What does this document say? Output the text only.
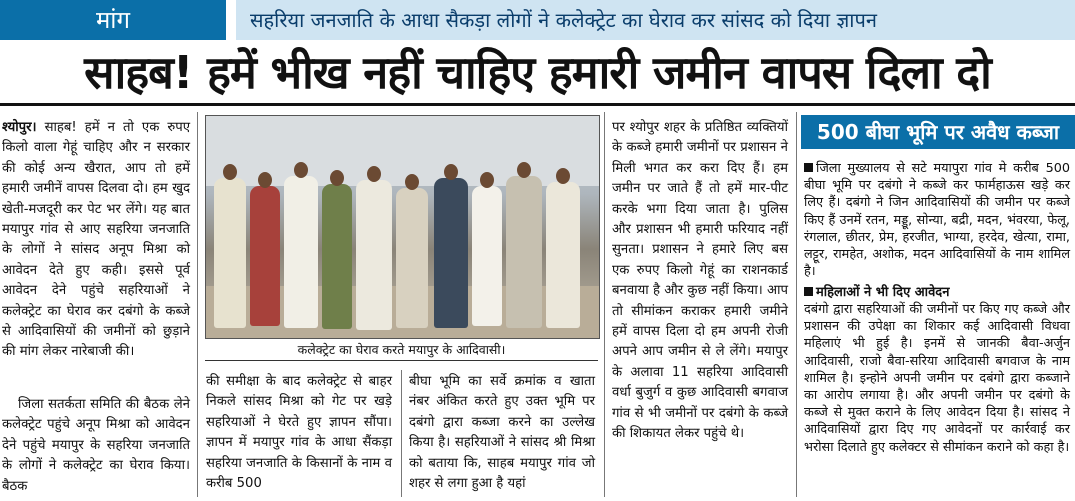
मांग	सहरिया जनजाति के आधा सैकड़ा लोगों ने कलेक्ट्रेट का घेराव कर सांसद को दिया ज्ञापन
साहब! हमें भीख नहीं चाहिए हमारी जमीन वापस दिला दो

श्योपुर। साहब! हमें न तो एक रुपए किलो वाला गेहूं चाहिए और न सरकार की कोई अन्य खैरात, आप तो हमें हमारी जमीनें वापस दिलवा दो। हम खुद खेती-मजदूरी कर पेट भर लेंगे। यह बात मयापुर गांव से आए सहरिया जनजाति के लोगों ने सांसद अनूप मिश्रा को आवेदन देते हुए कही। इससे पूर्व आवेदन देने पहुंचे सहरियाओं ने कलेक्ट्रेट का घेराव कर दबंगो के कब्जे से आदिवासियों की जमीनों को छुड़ाने की मांग लेकर नारेबाजी की।

जिला सतर्कता समिति की बैठक लेने कलेक्ट्रेट पहुंचे अनूप मिश्रा को आवेदन देने पहुंचे मयापुर के सहरिया जनजाति के लोगों ने कलेक्ट्रेट का घेराव किया। बैठक

कलेक्ट्रेट का घेराव करते मयापुर के आदिवासी।

की समीक्षा के बाद कलेक्ट्रेट से बाहर निकले सांसद मिश्रा को गेट पर खड़े सहरियाओं ने घेरते हुए ज्ञापन सौंपा। ज्ञापन में मयापुर गांव के आधा सैंकड़ा सहरिया जनजाति के किसानों के नाम व करीब 500

बीघा भूमि का सर्वे क्रमांक व खाता नंबर अंकित करते हुए उक्त भूमि पर दबंगो द्वारा कब्जा करने का उल्लेख किया है। सहरियाओं ने सांसद श्री मिश्रा को बताया कि, साहब मयापुर गांव जो शहर से लगा हुआ है यहां

पर श्योपुर शहर के प्रतिष्ठित व्यक्तियों के कब्जे हमारी जमीनों पर प्रशासन ने मिली भगत कर करा दिए हैं। हम जमीन पर जाते हैं तो हमें मार-पीट करके भगा दिया जाता है। पुलिस और प्रशासन भी हमारी फरियाद नहीं सुनता। प्रशासन ने हमारे लिए बस एक रुपए किलो गेहूं का राशनकार्ड बनवाया है और कुछ नहीं किया। आप तो सीमांकन कराकर हमारी जमीने हमें वापस दिला दो हम अपनी रोजी अपने आप जमीन से ले लेंगे। मयापुर के अलावा 11 सहरिया आदिवासी वर्धा बुजुर्ग व कुछ आदिवासी बगवाज गांव से भी जमीनों पर दबंगो के कब्जे की शिकायत लेकर पहुंचे थे।

500 बीघा भूमि पर अवैध कब्जा
जिला मुख्यालय से सटे मयापुरा गांव मे करीब 500 बीघा भूमि पर दबंगो ने कब्जे कर फार्महाऊस खड़े कर लिए हैं। दबंगो ने जिन आदिवासियों की जमीन पर कब्जे किए हैं उनमें रतन, मड्डू, सोन्या, बद्री, मदन, भंवरया, फेलू, रंगलाल, छीतर, प्रेम, हरजीत, भाग्या, हरदेव, खेत्या, रामा, लट्टूर, रामहेत, अशोक, मदन आदिवासियों के नाम शामिल है।
महिलाओं ने भी दिए आवेदन
दबंगो द्वारा सहरियाओं की जमीनों पर किए गए कब्जे और प्रशासन की उपेक्षा का शिकार कई आदिवासी विधवा महिलाएं भी हुई है। इनमें से जानकी बैवा-अर्जुन आदिवासी, राजो बैवा-सरिया आदिवासी बगवाज के नाम शामिल है। इन्होने अपनी जमीन पर दबंगो द्वारा कब्जाने का आरोप लगाया है। और अपनी जमीन पर दबंगो के कब्जे से मुक्त कराने के लिए आवेदन दिया है। सांसद ने आदिवासियों द्वारा दिए गए आवेदनों पर कार्रवाई कर भरोसा दिलाते हुए कलेक्टर से सीमांकन कराने को कहा है।
